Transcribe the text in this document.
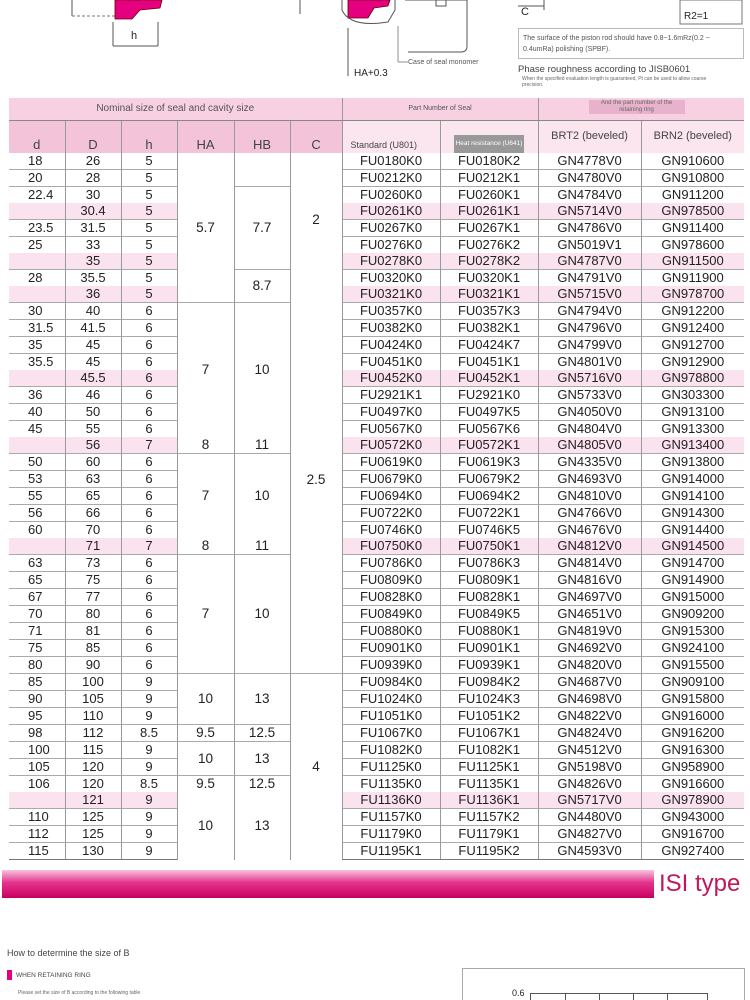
h
HA+0.3
Case of seal monomer
C	R2=1
The surface of the piston rod should have 0.8~1.6mRz(0.2 ~ 0.4umRa) polishing (SPBF).
Phase roughness according to JISB0601
When the specified evaluation length is guaranteed, Pt can be used to allow coarse precision.
Nominal size of seal and cavity size						Part Number of Seal		And the part number of the retaining ring	

d	D	h	HA	HB	C	Standard (U801)	Heat resistance (U641)	BRT2 (beveled)	BRN2 (beveled)
18	26	5	5.7		2	FU0180K0	FU0180K2	GN4778V0	GN910600
20	28	5				FU0212K0	FU0212K1	GN4780V0	GN910800
22.4	30	5		7.7		FU0260K0	FU0260K1	GN4784V0	GN911200
	30.4	5				FU0261K0	FU0261K1	GN5714V0	GN978500
23.5	31.5	5				FU0267K0	FU0267K1	GN4786V0	GN911400
25	33	5				FU0276K0	FU0276K2	GN5019V1	GN978600
	35	5				FU0278K0	FU0278K2	GN4787V0	GN911500
28	35.5	5		8.7		FU0320K0	FU0320K1	GN4791V0	GN911900
	36	5			2.5	FU0321K0	FU0321K1	GN5715V0	GN978700
30	40	6	7	10		FU0357K0	FU0357K3	GN4794V0	GN912200
31.5	41.5	6				FU0382K0	FU0382K1	GN4796V0	GN912400
35	45	6				FU0424K0	FU0424K7	GN4799V0	GN912700
35.5	45	6				FU0451K0	FU0451K1	GN4801V0	GN912900
	45.5	6				FU0452K0	FU0452K1	GN5716V0	GN978800
36	46	6				FU2921K1	FU2921K0	GN5733V0	GN303300
40	50	6				FU0497K0	FU0497K5	GN4050V0	GN913100
45	55	6				FU0567K0	FU0567K6	GN4804V0	GN913300
	56	7	8	11		FU0572K0	FU0572K1	GN4805V0	GN913400
50	60	6	7	10		FU0619K0	FU0619K3	GN4335V0	GN913800
53	63	6				FU0679K0	FU0679K2	GN4693V0	GN914000
55	65	6				FU0694K0	FU0694K2	GN4810V0	GN914100
56	66	6				FU0722K0	FU0722K1	GN4766V0	GN914300
60	70	6				FU0746K0	FU0746K5	GN4676V0	GN914400
	71	7	8	11		FU0750K0	FU0750K1	GN4812V0	GN914500
63	73	6	7	10		FU0786K0	FU0786K3	GN4814V0	GN914700
65	75	6				FU0809K0	FU0809K1	GN4816V0	GN914900
67	77	6				FU0828K0	FU0828K1	GN4697V0	GN915000
70	80	6				FU0849K0	FU0849K5	GN4651V0	GN909200
71	81	6				FU0880K0	FU0880K1	GN4819V0	GN915300
75	85	6				FU0901K0	FU0901K1	GN4692V0	GN924100
80	90	6				FU0939K0	FU0939K1	GN4820V0	GN915500
85	100	9	10	13	4	FU0984K0	FU0984K2	GN4687V0	GN909100
90	105	9				FU1024K0	FU1024K3	GN4698V0	GN915800
95	110	9				FU1051K0	FU1051K2	GN4822V0	GN916000
98	112	8.5	9.5	12.5		FU1067K0	FU1067K1	GN4824V0	GN916200
100	115	9	10	13		FU1082K0	FU1082K1	GN4512V0	GN916300
105	120	9				FU1125K0	FU1125K1	GN5198V0	GN958900
106	120	8.5	9.5	12.5		FU1135K0	FU1135K1	GN4826V0	GN916600
	121	9	10	13		FU1136K0	FU1136K1	GN5717V0	GN978900
110	125	9				FU1157K0	FU1157K2	GN4480V0	GN943000
112	125	9				FU1179K0	FU1179K1	GN4827V0	GN916700
115	130	9				FU1195K1	FU1195K2	GN4593V0	GN927400
ISI type
How to determine the size of B
WHEN RETAINING RING
Please set the size of B according to the following table	0.6
